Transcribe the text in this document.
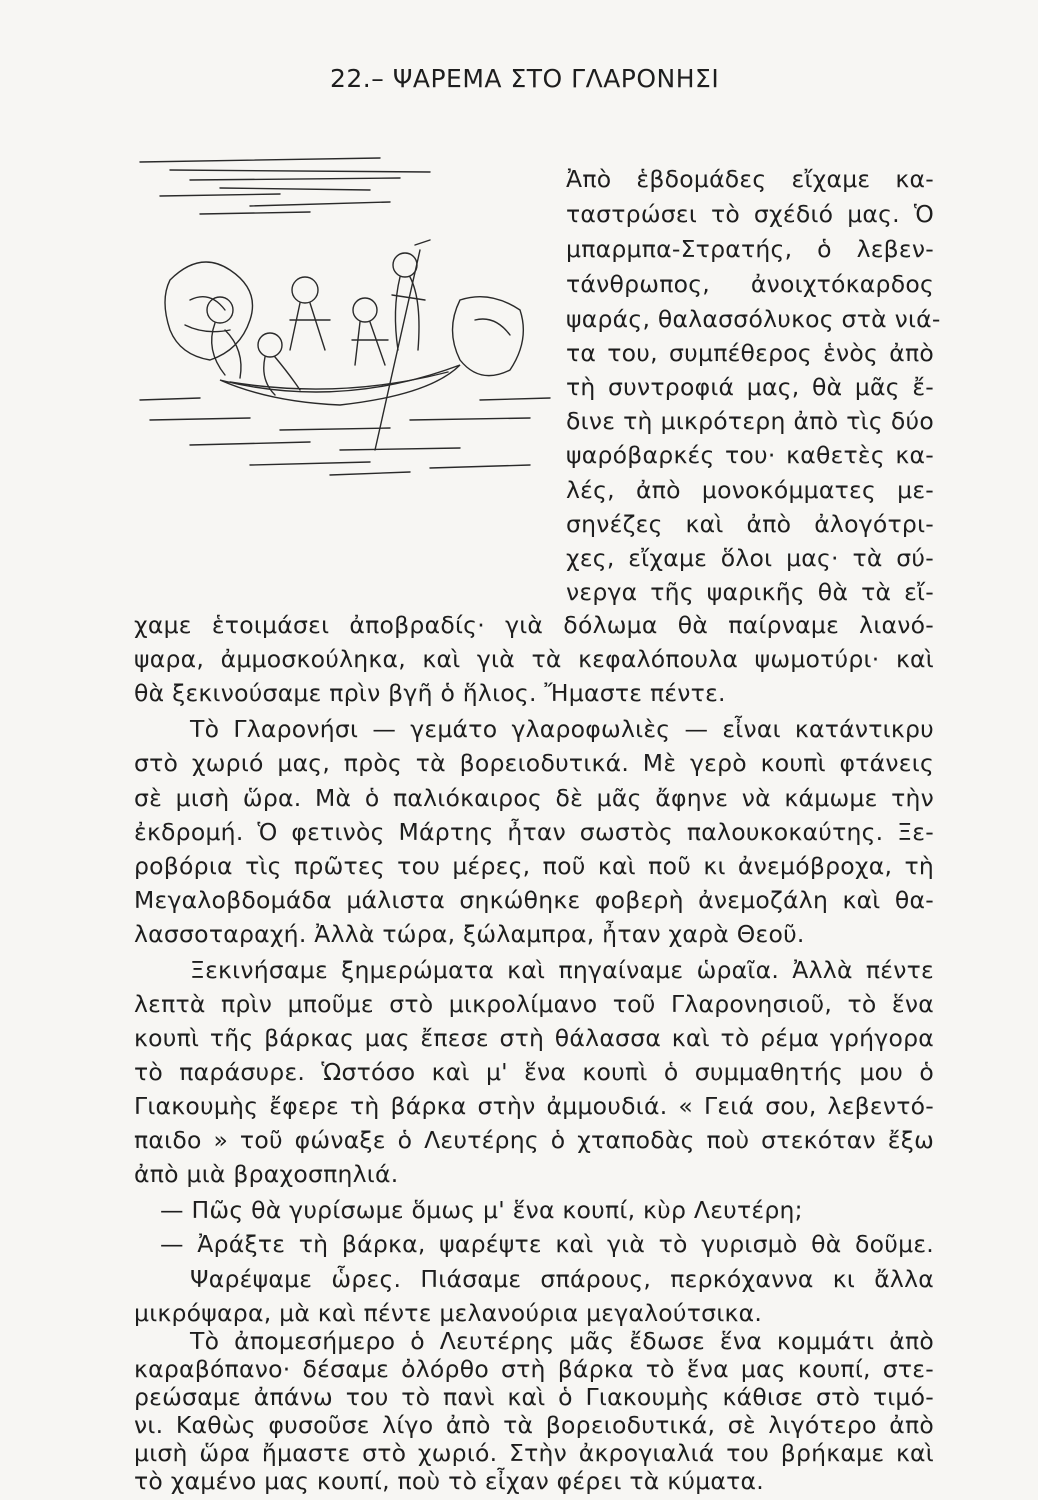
22.– ΨΑΡΕΜΑ ΣΤΟ ΓΛΑΡΟΝΗΣΙ
Ἀπὸ ἑβδομάδες εἴχαμε κα-
ταστρώσει τὸ σχέδιό μας. Ὁ
μπαρμπα-Στρατής, ὁ λεβεν-
τάνθρωπος, ἀνοιχτόκαρδος
ψαράς, θαλασσόλυκος στὰ νιά-
τα του, συμπέθερος ἑνὸς ἀπὸ
τὴ συντροφιά μας, θὰ μᾶς ἔ-
δινε τὴ μικρότερη ἀπὸ τὶς δύο
ψαρόβαρκές του· καθετὲς κα-
λές, ἀπὸ μονοκόμματες με-
σηνέζες καὶ ἀπὸ ἀλογότρι-
χες, εἴχαμε ὅλοι μας· τὰ σύ-
νεργα τῆς ψαρικῆς θὰ τὰ εἴ-
χαμε ἑτοιμάσει ἀποβραδίς· γιὰ δόλωμα θὰ παίρναμε λιανό-
ψαρα, ἀμμοσκούληκα, καὶ γιὰ τὰ κεφαλόπουλα ψωμοτύρι· καὶ
θὰ ξεκινούσαμε πρὶν βγῆ ὁ ἥλιος. Ἤμαστε πέντε.
Τὸ Γλαρονήσι — γεμάτο γλαροφωλιὲς — εἶναι κατάντικρυ
στὸ χωριό μας, πρὸς τὰ βορειοδυτικά. Μὲ γερὸ κουπὶ φτάνεις
σὲ μισὴ ὥρα. Μὰ ὁ παλιόκαιρος δὲ μᾶς ἄφηνε νὰ κάμωμε τὴν
ἐκδρομή. Ὁ φετινὸς Μάρτης ἦταν σωστὸς παλουκοκαύτης. Ξε-
ροβόρια τὶς πρῶτες του μέρες, ποῦ καὶ ποῦ κι ἀνεμόβροχα, τὴ
Μεγαλοβδομάδα μάλιστα σηκώθηκε φοβερὴ ἀνεμοζάλη καὶ θα-
λασσοταραχή. Ἀλλὰ τώρα, ξώλαμπρα, ἦταν χαρὰ Θεοῦ.
Ξεκινήσαμε ξημερώματα καὶ πηγαίναμε ὡραῖα. Ἀλλὰ πέντε
λεπτὰ πρὶν μποῦμε στὸ μικρολίμανο τοῦ Γλαρονησιοῦ, τὸ ἕνα
κουπὶ τῆς βάρκας μας ἔπεσε στὴ θάλασσα καὶ τὸ ρέμα γρήγορα
τὸ παράσυρε. Ὡστόσο καὶ μ' ἕνα κουπὶ ὁ συμμαθητής μου ὁ
Γιακουμὴς ἔφερε τὴ βάρκα στὴν ἀμμουδιά. « Γειά σου, λεβεντό-
παιδο » τοῦ φώναξε ὁ Λευτέρης ὁ χταποδὰς ποὺ στεκόταν ἔξω
ἀπὸ μιὰ βραχοσπηλιά.
— Πῶς θὰ γυρίσωμε ὅμως μ' ἕνα κουπί, κὺρ Λευτέρη;
— Ἀράξτε τὴ βάρκα, ψαρέψτε καὶ γιὰ τὸ γυρισμὸ θὰ δοῦμε.
Ψαρέψαμε ὧρες. Πιάσαμε σπάρους, περκόχαννα κι ἄλλα
μικρόψαρα, μὰ καὶ πέντε μελανούρια μεγαλούτσικα.
Τὸ ἀπομεσήμερο ὁ Λευτέρης μᾶς ἔδωσε ἕνα κομμάτι ἀπὸ
καραβόπανο· δέσαμε ὀλόρθο στὴ βάρκα τὸ ἕνα μας κουπί, στε-
ρεώσαμε ἀπάνω του τὸ πανὶ καὶ ὁ Γιακουμὴς κάθισε στὸ τιμό-
νι. Καθὼς φυσοῦσε λίγο ἀπὸ τὰ βορειοδυτικά, σὲ λιγότερο ἀπὸ
μισὴ ὥρα ἤμαστε στὸ χωριό. Στὴν ἀκρογιαλιά του βρήκαμε καὶ
τὸ χαμένο μας κουπί, ποὺ τὸ εἶχαν φέρει τὰ κύματα.
